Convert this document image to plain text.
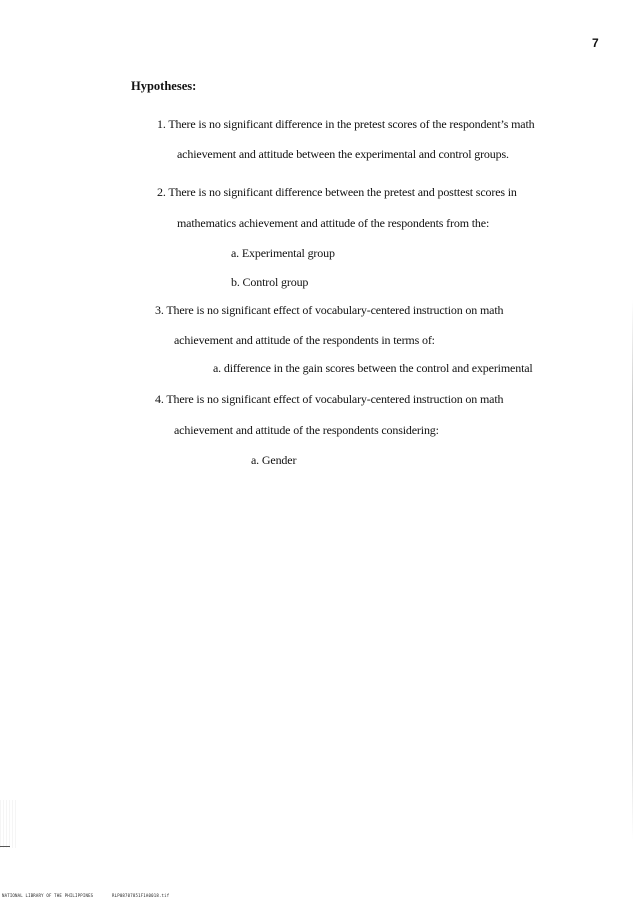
7
Hypotheses:
1. There is no significant difference in the pretest scores of the respondent’s math
achievement and attitude between the experimental and control groups.
2. There is no significant difference between the pretest and posttest scores in
mathematics achievement and attitude of the respondents from the:
a. Experimental group
b. Control group
3. There is no significant effect of vocabulary-centered instruction on math
achievement and attitude of the respondents in terms of:
a. difference in the gain scores between the control and experimental
4. There is no significant effect of vocabulary-centered instruction on math
achievement and attitude of the respondents considering:
a. Gender
NATIONAL LIBRARY OF THE PHILIPPINES	RLP08707851F1A0018.tif
